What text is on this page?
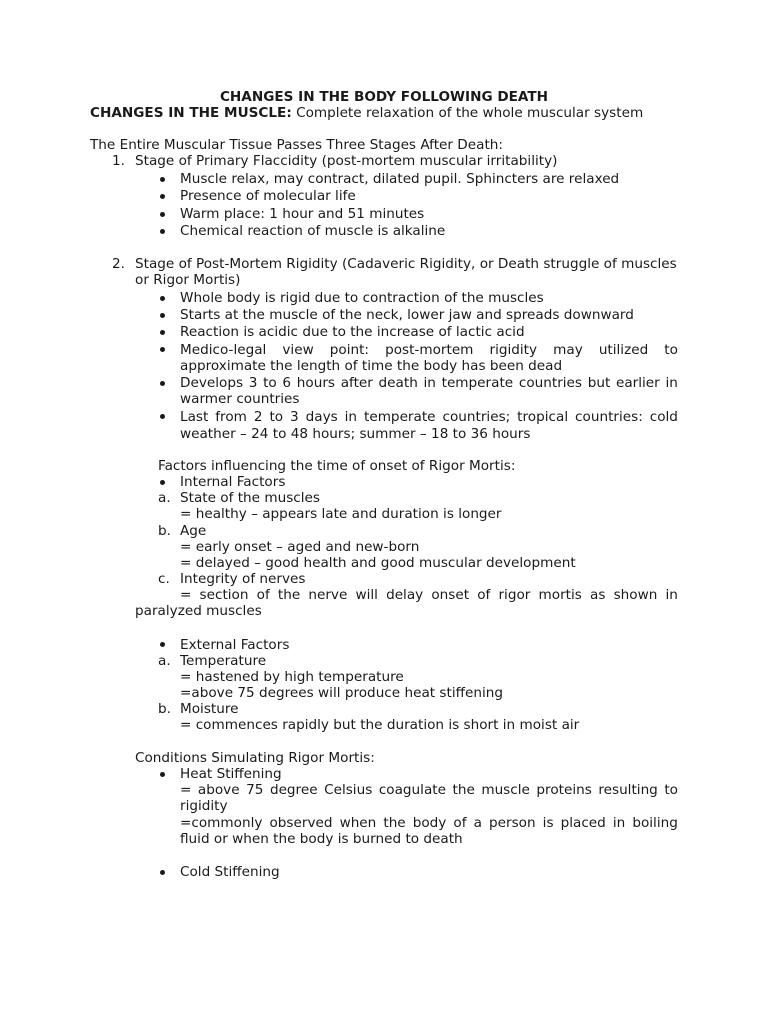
CHANGES IN THE BODY FOLLOWING DEATH
CHANGES IN THE MUSCLE: Complete relaxation of the whole muscular system
The Entire Muscular Tissue Passes Three Stages After Death:
1. Stage of Primary Flaccidity (post-mortem muscular irritability)
Muscle relax, may contract, dilated pupil. Sphincters are relaxed
Presence of molecular life
Warm place: 1 hour and 51 minutes
Chemical reaction of muscle is alkaline
2. Stage of Post-Mortem Rigidity (Cadaveric Rigidity, or Death struggle of muscles
or Rigor Mortis)
Whole body is rigid due to contraction of the muscles
Starts at the muscle of the neck, lower jaw and spreads downward
Reaction is acidic due to the increase of lactic acid
Medico-legal view point: post-mortem rigidity may utilized to
approximate the length of time the body has been dead
Develops 3 to 6 hours after death in temperate countries but earlier in
warmer countries
Last from 2 to 3 days in temperate countries; tropical countries: cold
weather – 24 to 48 hours; summer – 18 to 36 hours
Factors influencing the time of onset of Rigor Mortis:
Internal Factors
a. State of the muscles
= healthy – appears late and duration is longer
b. Age
= early onset – aged and new-born
= delayed – good health and good muscular development
c. Integrity of nerves
= section of the nerve will delay onset of rigor mortis as shown in
paralyzed muscles
External Factors
a. Temperature
= hastened by high temperature
=above 75 degrees will produce heat stiffening
b. Moisture
= commences rapidly but the duration is short in moist air
Conditions Simulating Rigor Mortis:
Heat Stiffening
= above 75 degree Celsius coagulate the muscle proteins resulting to
rigidity
=commonly observed when the body of a person is placed in boiling
fluid or when the body is burned to death
Cold Stiffening
